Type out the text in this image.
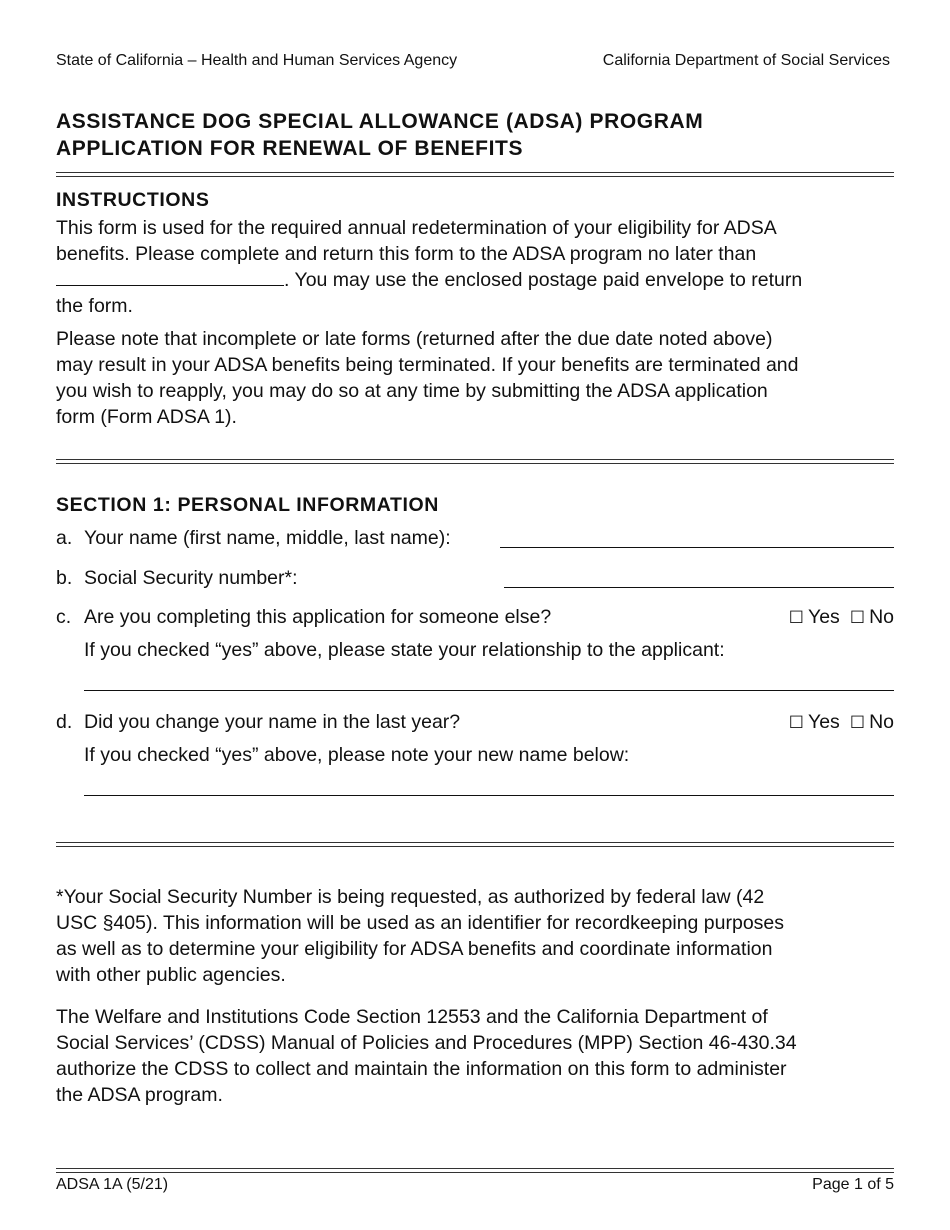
State of California – Health and Human Services Agency	California Department of Social Services
ASSISTANCE DOG SPECIAL ALLOWANCE (ADSA) PROGRAM
APPLICATION FOR RENEWAL OF BENEFITS
INSTRUCTIONS
This form is used for the required annual redetermination of your eligibility for ADSA
benefits. Please complete and return this form to the ADSA program no later than
. You may use the enclosed postage paid envelope to return
the form.
Please note that incomplete or late forms (returned after the due date noted above)
may result in your ADSA benefits being terminated. If your benefits are terminated and
you wish to reapply, you may do so at any time by submitting the ADSA application
form (Form ADSA 1).
SECTION 1: PERSONAL INFORMATION
a. Your name (first name, middle, last name):
b. Social Security number*:
c. Are you completing this application for someone else?	☐ Yes ☐ No
If you checked “yes” above, please state your relationship to the applicant:
d. Did you change your name in the last year?	☐ Yes ☐ No
If you checked “yes” above, please note your new name below:
*Your Social Security Number is being requested, as authorized by federal law (42
USC §405). This information will be used as an identifier for recordkeeping purposes
as well as to determine your eligibility for ADSA benefits and coordinate information
with other public agencies.
The Welfare and Institutions Code Section 12553 and the California Department of
Social Services’ (CDSS) Manual of Policies and Procedures (MPP) Section 46-430.34
authorize the CDSS to collect and maintain the information on this form to administer
the ADSA program.
ADSA 1A (5/21)	Page 1 of 5
